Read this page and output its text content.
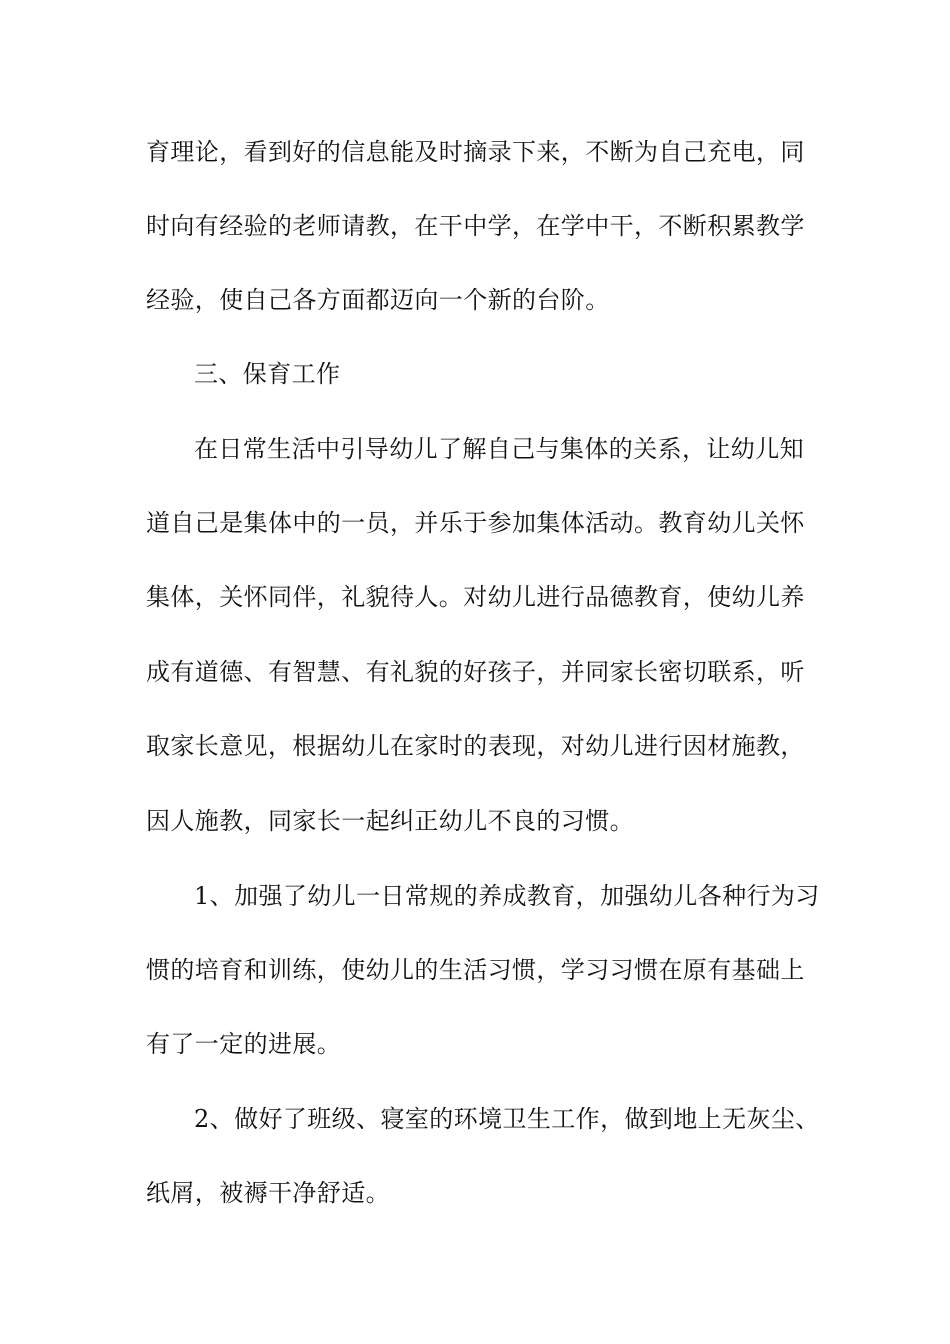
育理论，看到好的信息能及时摘录下来，不断为自己充电，同
时向有经验的老师请教，在干中学，在学中干，不断积累教学
经验，使自己各方面都迈向一个新的台阶。
三、保育工作
在日常生活中引导幼儿了解自己与集体的关系，让幼儿知
道自己是集体中的一员，并乐于参加集体活动。教育幼儿关怀
集体，关怀同伴，礼貌待人。对幼儿进行品德教育，使幼儿养
成有道德、有智慧、有礼貌的好孩子，并同家长密切联系，听
取家长意见，根据幼儿在家时的表现，对幼儿进行因材施教，
因人施教，同家长一起纠正幼儿不良的习惯。
1、加强了幼儿一日常规的养成教育，加强幼儿各种行为习
惯的培育和训练，使幼儿的生活习惯，学习习惯在原有基础上
有了一定的进展。
2、做好了班级、寝室的环境卫生工作，做到地上无灰尘、
纸屑，被褥干净舒适。
